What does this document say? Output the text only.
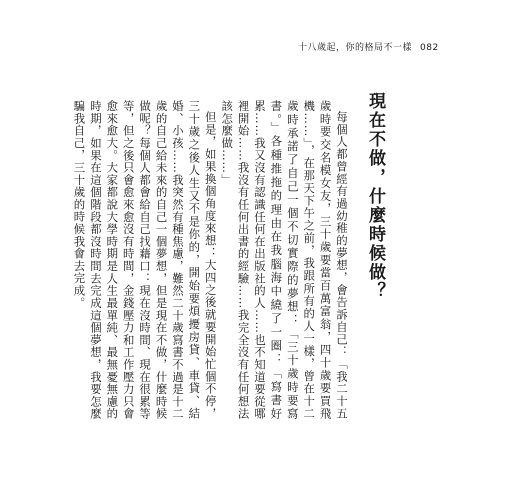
十八歲起，你的格局不一樣 082
現在不做，什麼時候做？

每個人都曾經有過幼稚的夢想，會告訴自己：「我二十五歲時要交名模女友，三十歲要當百萬富翁，四十歲要買飛機……」，在那天下午之前，我跟所有的人一樣，曾在十二歲時承諾了自己一個不切實際的夢想：「三十歲時要寫書。」各種推拖的理由在我腦海中繞了一圈：「寫書好累……我又沒有認識任何在出版社的人……也不知道要從哪裡開始……我沒有任何出書的經驗……我完全沒有任何想法該怎麼做……」

但是，如果換個角度來想：大四之後就要開始忙個不停，三十歲之後人生又不是你的，開始要煩擾房貸、車貸、結婚、小孩……我突然有種焦慮，難然二十歲寫書不過是十二歲的自己給未來的自己一個夢想，但是現在不做，什麼時候做呢？每個人都會給自己找藉口：現在沒時間、現在很累等等，但之後只會愈來愈沒有時間，金錢壓力和工作壓力只會愈來愈大。大家都說大學時期是人生最單純、最無憂無慮的時期，如果在這個階段都沒時間去完成這個夢想，我要怎麼騙我自己，三十歲的時候我會去完成。
